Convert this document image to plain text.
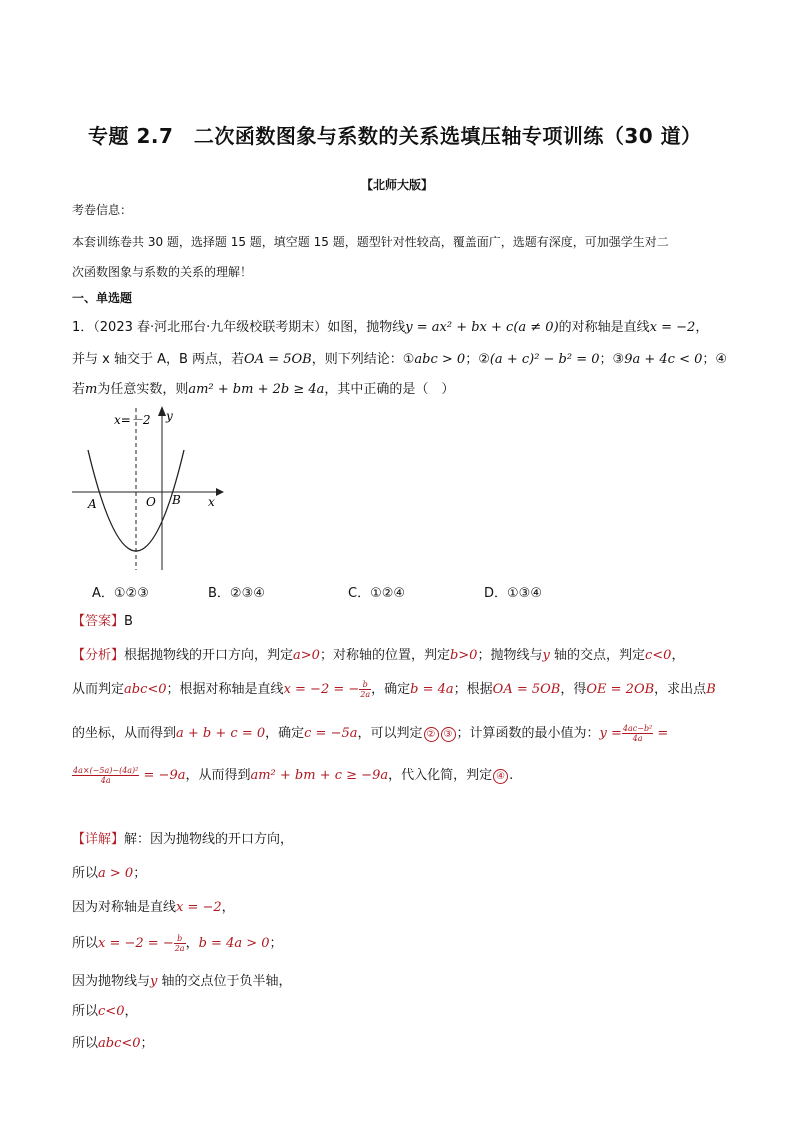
专题 2.7　二次函数图象与系数的关系选填压轴专项训练（30 道）
【北师大版】
考卷信息：
本套训练卷共 30 题，选择题 15 题，填空题 15 题，题型针对性较高，覆盖面广，选题有深度，可加强学生对二
次函数图象与系数的关系的理解！
一、单选题
1．（2023 春·河北邢台·九年级校联考期末）如图，抛物线y = ax² + bx + c(a ≠ 0)的对称轴是直线x = −2，
并与 x 轴交于 A，B 两点，若OA = 5OB，则下列结论：①abc > 0；②(a + c)² − b² = 0；③9a + 4c < 0；④
若m为任意实数，则am² + bm + 2b ≥ 4a，其中正确的是（　）
x=－2 y
x
A	O B
A．①②③	B．②③④	C．①②④	D．①③④
【答案】B
【分析】根据抛物线的开口方向，判定a>0；对称轴的位置，判定b>0；抛物线与y 轴的交点，判定c<0，
从而判定abc<0；根据对称轴是直线x = −2 = − $\frac{b}{2a}$ ，确定b = 4a；根据OA = 5OB，得OE = 2OB，求出点B
的坐标，从而得到a + b + c = 0，确定c = −5a，可以判定 ② ③ ；计算函数的最小值为：$y = \frac{\text{4ac−b²}}{4a}$ =
$\frac{\text{4a×(−5a)−(4a)²}}{4a} = -9a$，从而得到am² + bm + c ≥ −9a，代入化简，判定 ④ .
【详解】解：因为抛物线的开口方向，
所以a > 0；
因为对称轴是直线x = −2，
所以x = −2 = − $\frac{b}{2a}$ ，b = 4a > 0；
因为抛物线与y 轴的交点位于负半轴，
所以c<0，
所以abc<0；
